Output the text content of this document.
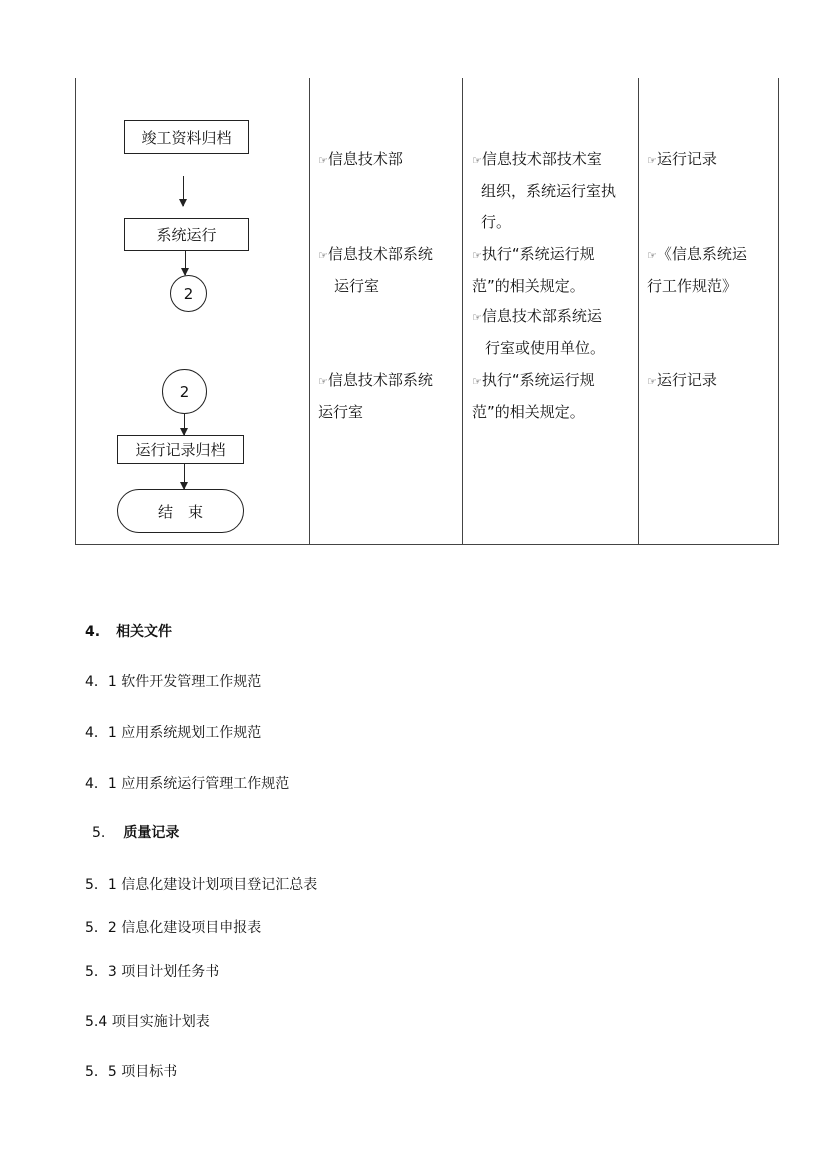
竣工资料归档
系统运行
2
2
运行记录归档
结　束
☞信息技术部
☞信息技术部系统
运行室
☞信息技术部系统
运行室
☞信息技术部技术室
组织，系统运行室执
行。
☞执行“系统运行规
范”的相关规定。
☞信息技术部系统运
行室或使用单位。
☞执行“系统运行规
范”的相关规定。
☞运行记录
☞《信息系统运
行工作规范》
☞运行记录
4. 相关文件
4．1 软件开发管理工作规范
4．1 应用系统规划工作规范
4．1 应用系统运行管理工作规范
5. 质量记录
5．1 信息化建设计划项目登记汇总表
5．2 信息化建设项目申报表
5．3 项目计划任务书
5.4 项目实施计划表
5．5 项目标书
